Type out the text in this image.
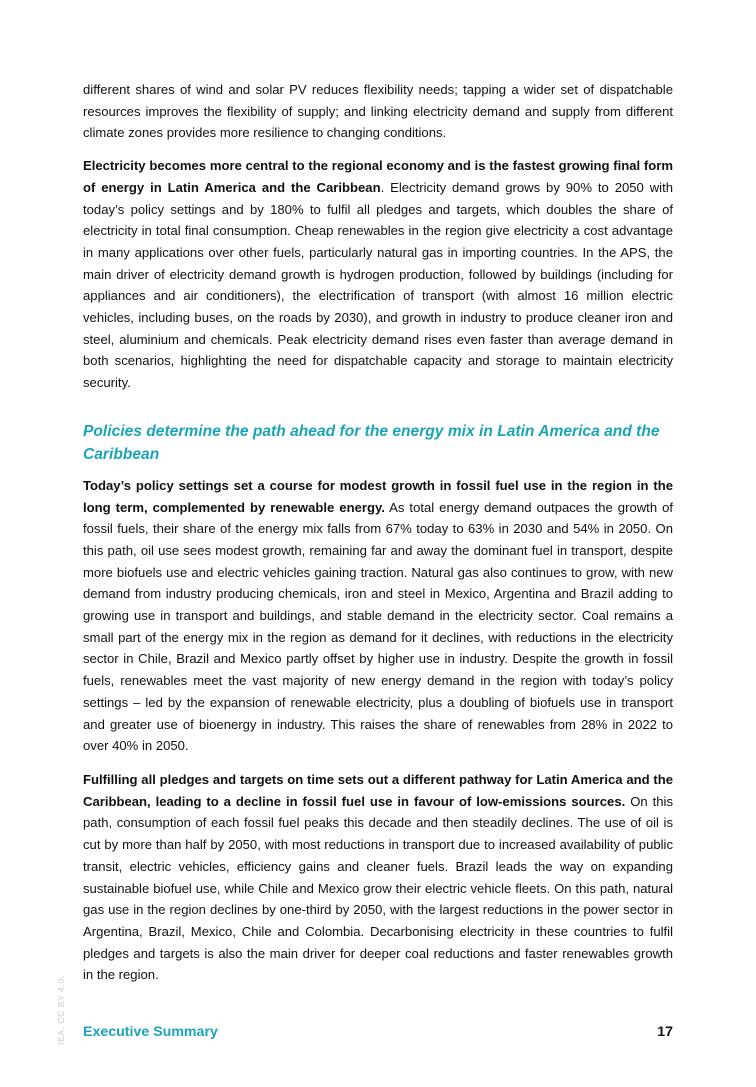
different shares of wind and solar PV reduces flexibility needs; tapping a wider set of dispatchable resources improves the flexibility of supply; and linking electricity demand and supply from different climate zones provides more resilience to changing conditions.

Electricity becomes more central to the regional economy and is the fastest growing final form of energy in Latin America and the Caribbean. Electricity demand grows by 90% to 2050 with today’s policy settings and by 180% to fulfil all pledges and targets, which doubles the share of electricity in total final consumption. Cheap renewables in the region give electricity a cost advantage in many applications over other fuels, particularly natural gas in importing countries. In the APS, the main driver of electricity demand growth is hydrogen production, followed by buildings (including for appliances and air conditioners), the electrification of transport (with almost 16 million electric vehicles, including buses, on the roads by 2030), and growth in industry to produce cleaner iron and steel, aluminium and chemicals. Peak electricity demand rises even faster than average demand in both scenarios, highlighting the need for dispatchable capacity and storage to maintain electricity security.

Policies determine the path ahead for the energy mix in Latin America and the Caribbean

Today’s policy settings set a course for modest growth in fossil fuel use in the region in the long term, complemented by renewable energy. As total energy demand outpaces the growth of fossil fuels, their share of the energy mix falls from 67% today to 63% in 2030 and 54% in 2050. On this path, oil use sees modest growth, remaining far and away the dominant fuel in transport, despite more biofuels use and electric vehicles gaining traction. Natural gas also continues to grow, with new demand from industry producing chemicals, iron and steel in Mexico, Argentina and Brazil adding to growing use in transport and buildings, and stable demand in the electricity sector. Coal remains a small part of the energy mix in the region as demand for it declines, with reductions in the electricity sector in Chile, Brazil and Mexico partly offset by higher use in industry. Despite the growth in fossil fuels, renewables meet the vast majority of new energy demand in the region with today’s policy settings – led by the expansion of renewable electricity, plus a doubling of biofuels use in transport and greater use of bioenergy in industry. This raises the share of renewables from 28% in 2022 to over 40% in 2050.

Fulfilling all pledges and targets on time sets out a different pathway for Latin America and the Caribbean, leading to a decline in fossil fuel use in favour of low-emissions sources. On this path, consumption of each fossil fuel peaks this decade and then steadily declines. The use of oil is cut by more than half by 2050, with most reductions in transport due to increased availability of public transit, electric vehicles, efficiency gains and cleaner fuels. Brazil leads the way on expanding sustainable biofuel use, while Chile and Mexico grow their electric vehicle fleets. On this path, natural gas use in the region declines by one-third by 2050, with the largest reductions in the power sector in Argentina, Brazil, Mexico, Chile and Colombia. Decarbonising electricity in these countries to fulfil pledges and targets is also the main driver for deeper coal reductions and faster renewables growth in the region.

IEA. CC BY 4.0. Executive Summary	17
